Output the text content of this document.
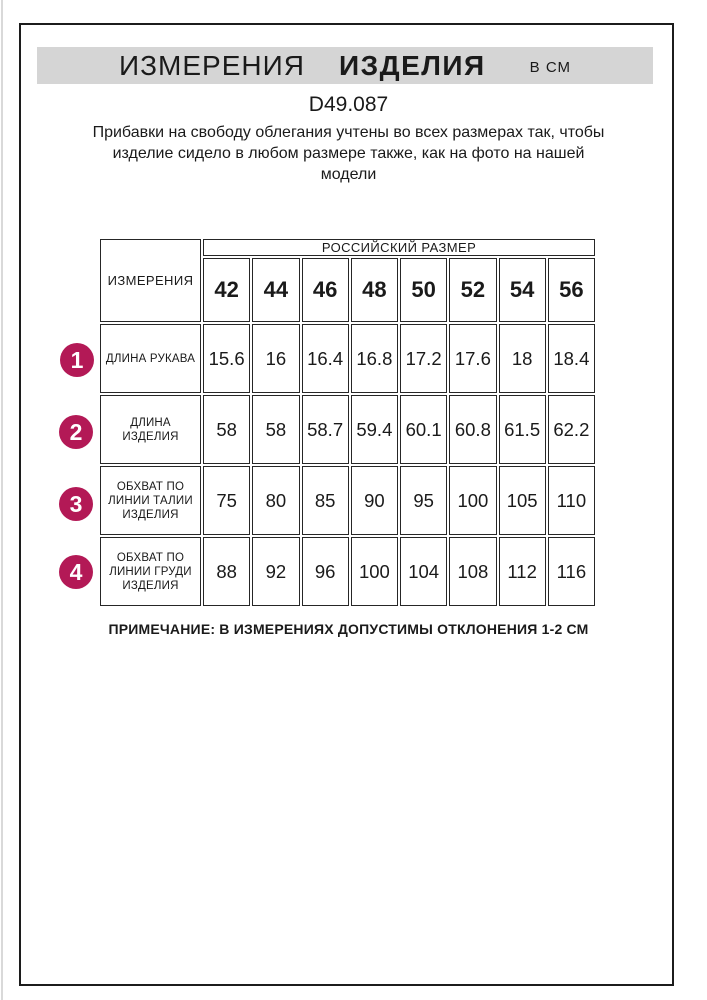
ИЗМЕРЕНИЯ ИЗДЕЛИЯ	В СМ
D49.087
Прибавки на свободу облегания учтены во всех размерах так, чтобы
изделие сидело в любом размере также, как на фото на нашей
модели
ИЗМЕРЕНИЯ	РОССИЙСКИЙ РАЗМЕР							
	42	44	46	48	50	52	54	56

ДЛИНА РУКАВА	15.6	16	16.4	16.8	17.2	17.6	18	18.4

ДЛИНА
ИЗДЕЛИЯ	58	58	58.7	59.4	60.1	60.8	61.5	62.2

ОБХВАТ ПО
ЛИНИИ ТАЛИИ
ИЗДЕЛИЯ	75	80	85	90	95	100	105	110

ОБХВАТ ПО
ЛИНИИ ГРУДИ
ИЗДЕЛИЯ	88	92	96	100	104	108	112	116
1
2
3
4
ПРИМЕЧАНИЕ: В ИЗМЕРЕНИЯХ ДОПУСТИМЫ ОТКЛОНЕНИЯ 1-2 СМ
